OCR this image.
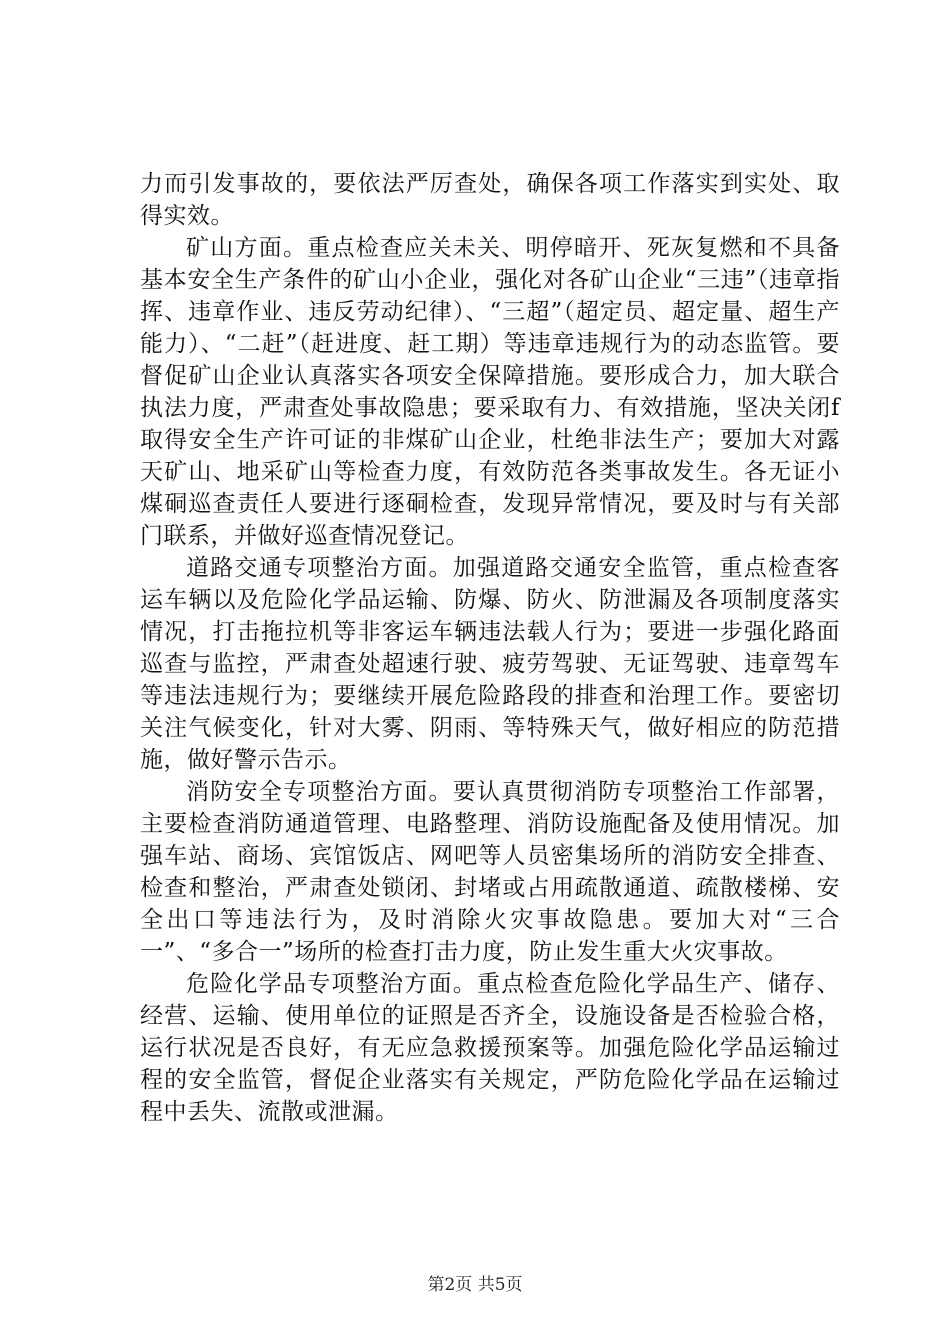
力而引发事故的，要依法严厉查处，确保各项工作落实到实处、取得实效。

矿山方面。重点检查应关未关、明停暗开、死灰复燃和不具备基本安全生产条件的矿山小企业，强化对各矿山企业“三违”（违章指挥、违章作业、违反劳动纪律）、“三超”（超定员、超定量、超生产能力）、“二赶”（赶进度、赶工期）等违章违规行为的动态监管。要督促矿山企业认真落实各项安全保障措施。要形成合力，加大联合执法力度，严肃查处事故隐患；要采取有力、有效措施，坚决关闭f取得安全生产许可证的非煤矿山企业，杜绝非法生产；要加大对露天矿山、地采矿山等检查力度，有效防范各类事故发生。各无证小煤硐巡查责任人要进行逐硐检查，发现异常情况，要及时与有关部门联系，并做好巡查情况登记。

道路交通专项整治方面。加强道路交通安全监管，重点检查客运车辆以及危险化学品运输、防爆、防火、防泄漏及各项制度落实情况，打击拖拉机等非客运车辆违法载人行为；要进一步强化路面巡查与监控，严肃查处超速行驶、疲劳驾驶、无证驾驶、违章驾车等违法违规行为；要继续开展危险路段的排查和治理工作。要密切关注气候变化，针对大雾、阴雨、等特殊天气，做好相应的防范措施，做好警示告示。

消防安全专项整治方面。要认真贯彻消防专项整治工作部署，主要检查消防通道管理、电路整理、消防设施配备及使用情况。加强车站、商场、宾馆饭店、网吧等人员密集场所的消防安全排查、检查和整治，严肃查处锁闭、封堵或占用疏散通道、疏散楼梯、安全出口等违法行为，及时消除火灾事故隐患。要加大对“三合一”、“多合一”场所的检查打击力度，防止发生重大火灾事故。

危险化学品专项整治方面。重点检查危险化学品生产、储存、经营、运输、使用单位的证照是否齐全，设施设备是否检验合格，运行状况是否良好，有无应急救援预案等。加强危险化学品运输过程的安全监管，督促企业落实有关规定，严防危险化学品在运输过程中丢失、流散或泄漏。

第2页 共5页
